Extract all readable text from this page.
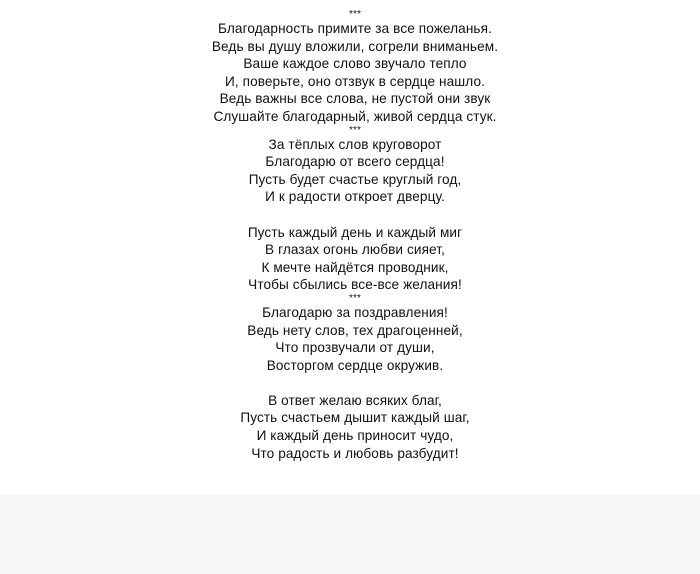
***
Благодарность примите за все пожеланья.
Ведь вы душу вложили, согрели вниманьем.
Ваше каждое слово звучало тепло
И, поверьте, оно отзвук в сердце нашло.
Ведь важны все слова, не пустой они звук
Слушайте благодарный, живой сердца стук.
***
За тёплых слов круговорот
Благодарю от всего сердца!
Пусть будет счастье круглый год,
И к радости откроет дверцу.
Пусть каждый день и каждый миг
В глазах огонь любви сияет,
К мечте найдётся проводник,
Чтобы сбылись все-все желания!
***
Благодарю за поздравления!
Ведь нету слов, тех драгоценней,
Что прозвучали от души,
Восторгом сердце окружив.
В ответ желаю всяких благ,
Пусть счастьем дышит каждый шаг,
И каждый день приносит чудо,
Что радость и любовь разбудит!
